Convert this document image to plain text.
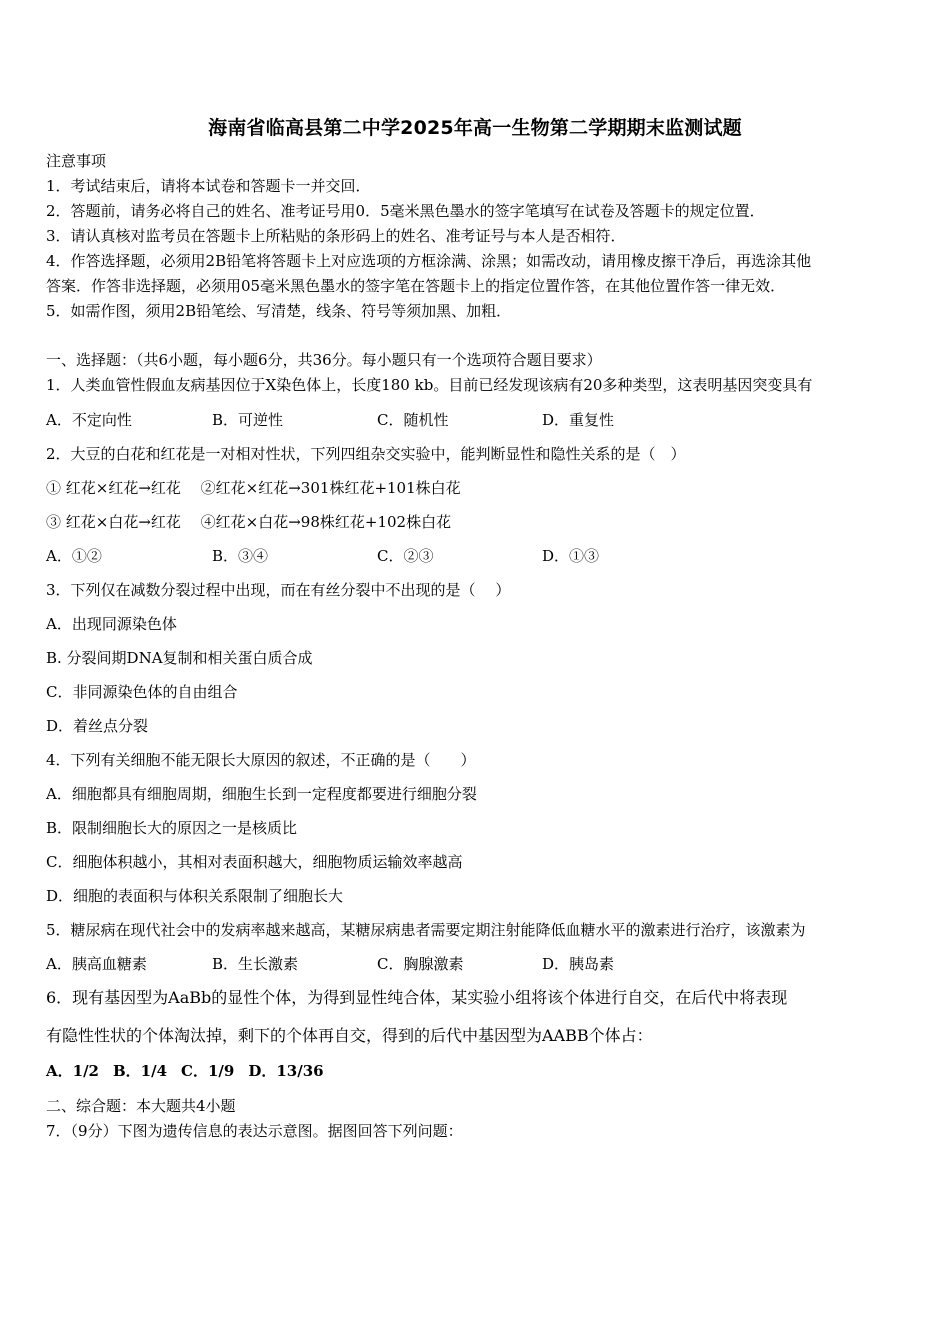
海南省临高县第二中学2025年高一生物第二学期期末监测试题
注意事项
1．考试结束后，请将本试卷和答题卡一并交回．
2．答题前，请务必将自己的姓名、准考证号用0．5毫米黑色墨水的签字笔填写在试卷及答题卡的规定位置．
3．请认真核对监考员在答题卡上所粘贴的条形码上的姓名、准考证号与本人是否相符．
4．作答选择题，必须用2B铅笔将答题卡上对应选项的方框涂满、涂黑；如需改动，请用橡皮擦干净后，再选涂其他
答案．作答非选择题，必须用05毫米黑色墨水的签字笔在答题卡上的指定位置作答，在其他位置作答一律无效．
5．如需作图，须用2B铅笔绘、写清楚，线条、符号等须加黑、加粗．
一、选择题：（共6小题，每小题6分，共36分。每小题只有一个选项符合题目要求）
1．人类血管性假血友病基因位于X染色体上，长度180 kb。目前已经发现该病有20多种类型，这表明基因突变具有
A．不定向性	B．可逆性	C．随机性	D．重复性
2．大豆的白花和红花是一对相对性状，下列四组杂交实验中，能判断显性和隐性关系的是（　）
① 红花×红花→红花　 ②红花×红花→301株红花+101株白花
③ 红花×白花→红花　 ④红花×白花→98株红花+102株白花
A．①②	B．③④	C．②③	D．①③
3．下列仅在减数分裂过程中出现，而在有丝分裂中不出现的是（　 ）
A．出现同源染色体
B. 分裂间期DNA复制和相关蛋白质合成
C．非同源染色体的自由组合
D．着丝点分裂
4．下列有关细胞不能无限长大原因的叙述，不正确的是（　　）
A．细胞都具有细胞周期，细胞生长到一定程度都要进行细胞分裂
B．限制细胞长大的原因之一是核质比
C．细胞体积越小，其相对表面积越大，细胞物质运输效率越高
D．细胞的表面积与体积关系限制了细胞长大
5．糖尿病在现代社会中的发病率越来越高，某糖尿病患者需要定期注射能降低血糖水平的激素进行治疗，该激素为
A．胰高血糖素	B．生长激素	C．胸腺激素	D．胰岛素
6．现有基因型为AaBb的显性个体，为得到显性纯合体，某实验小组将该个体进行自交，在后代中将表现
有隐性性状的个体淘汰掉，剩下的个体再自交，得到的后代中基因型为AABB个体占：
A．1/2 B．1/4 C．1/9 D．13/36
二、综合题：本大题共4小题
7．（9分）下图为遗传信息的表达示意图。据图回答下列问题：
